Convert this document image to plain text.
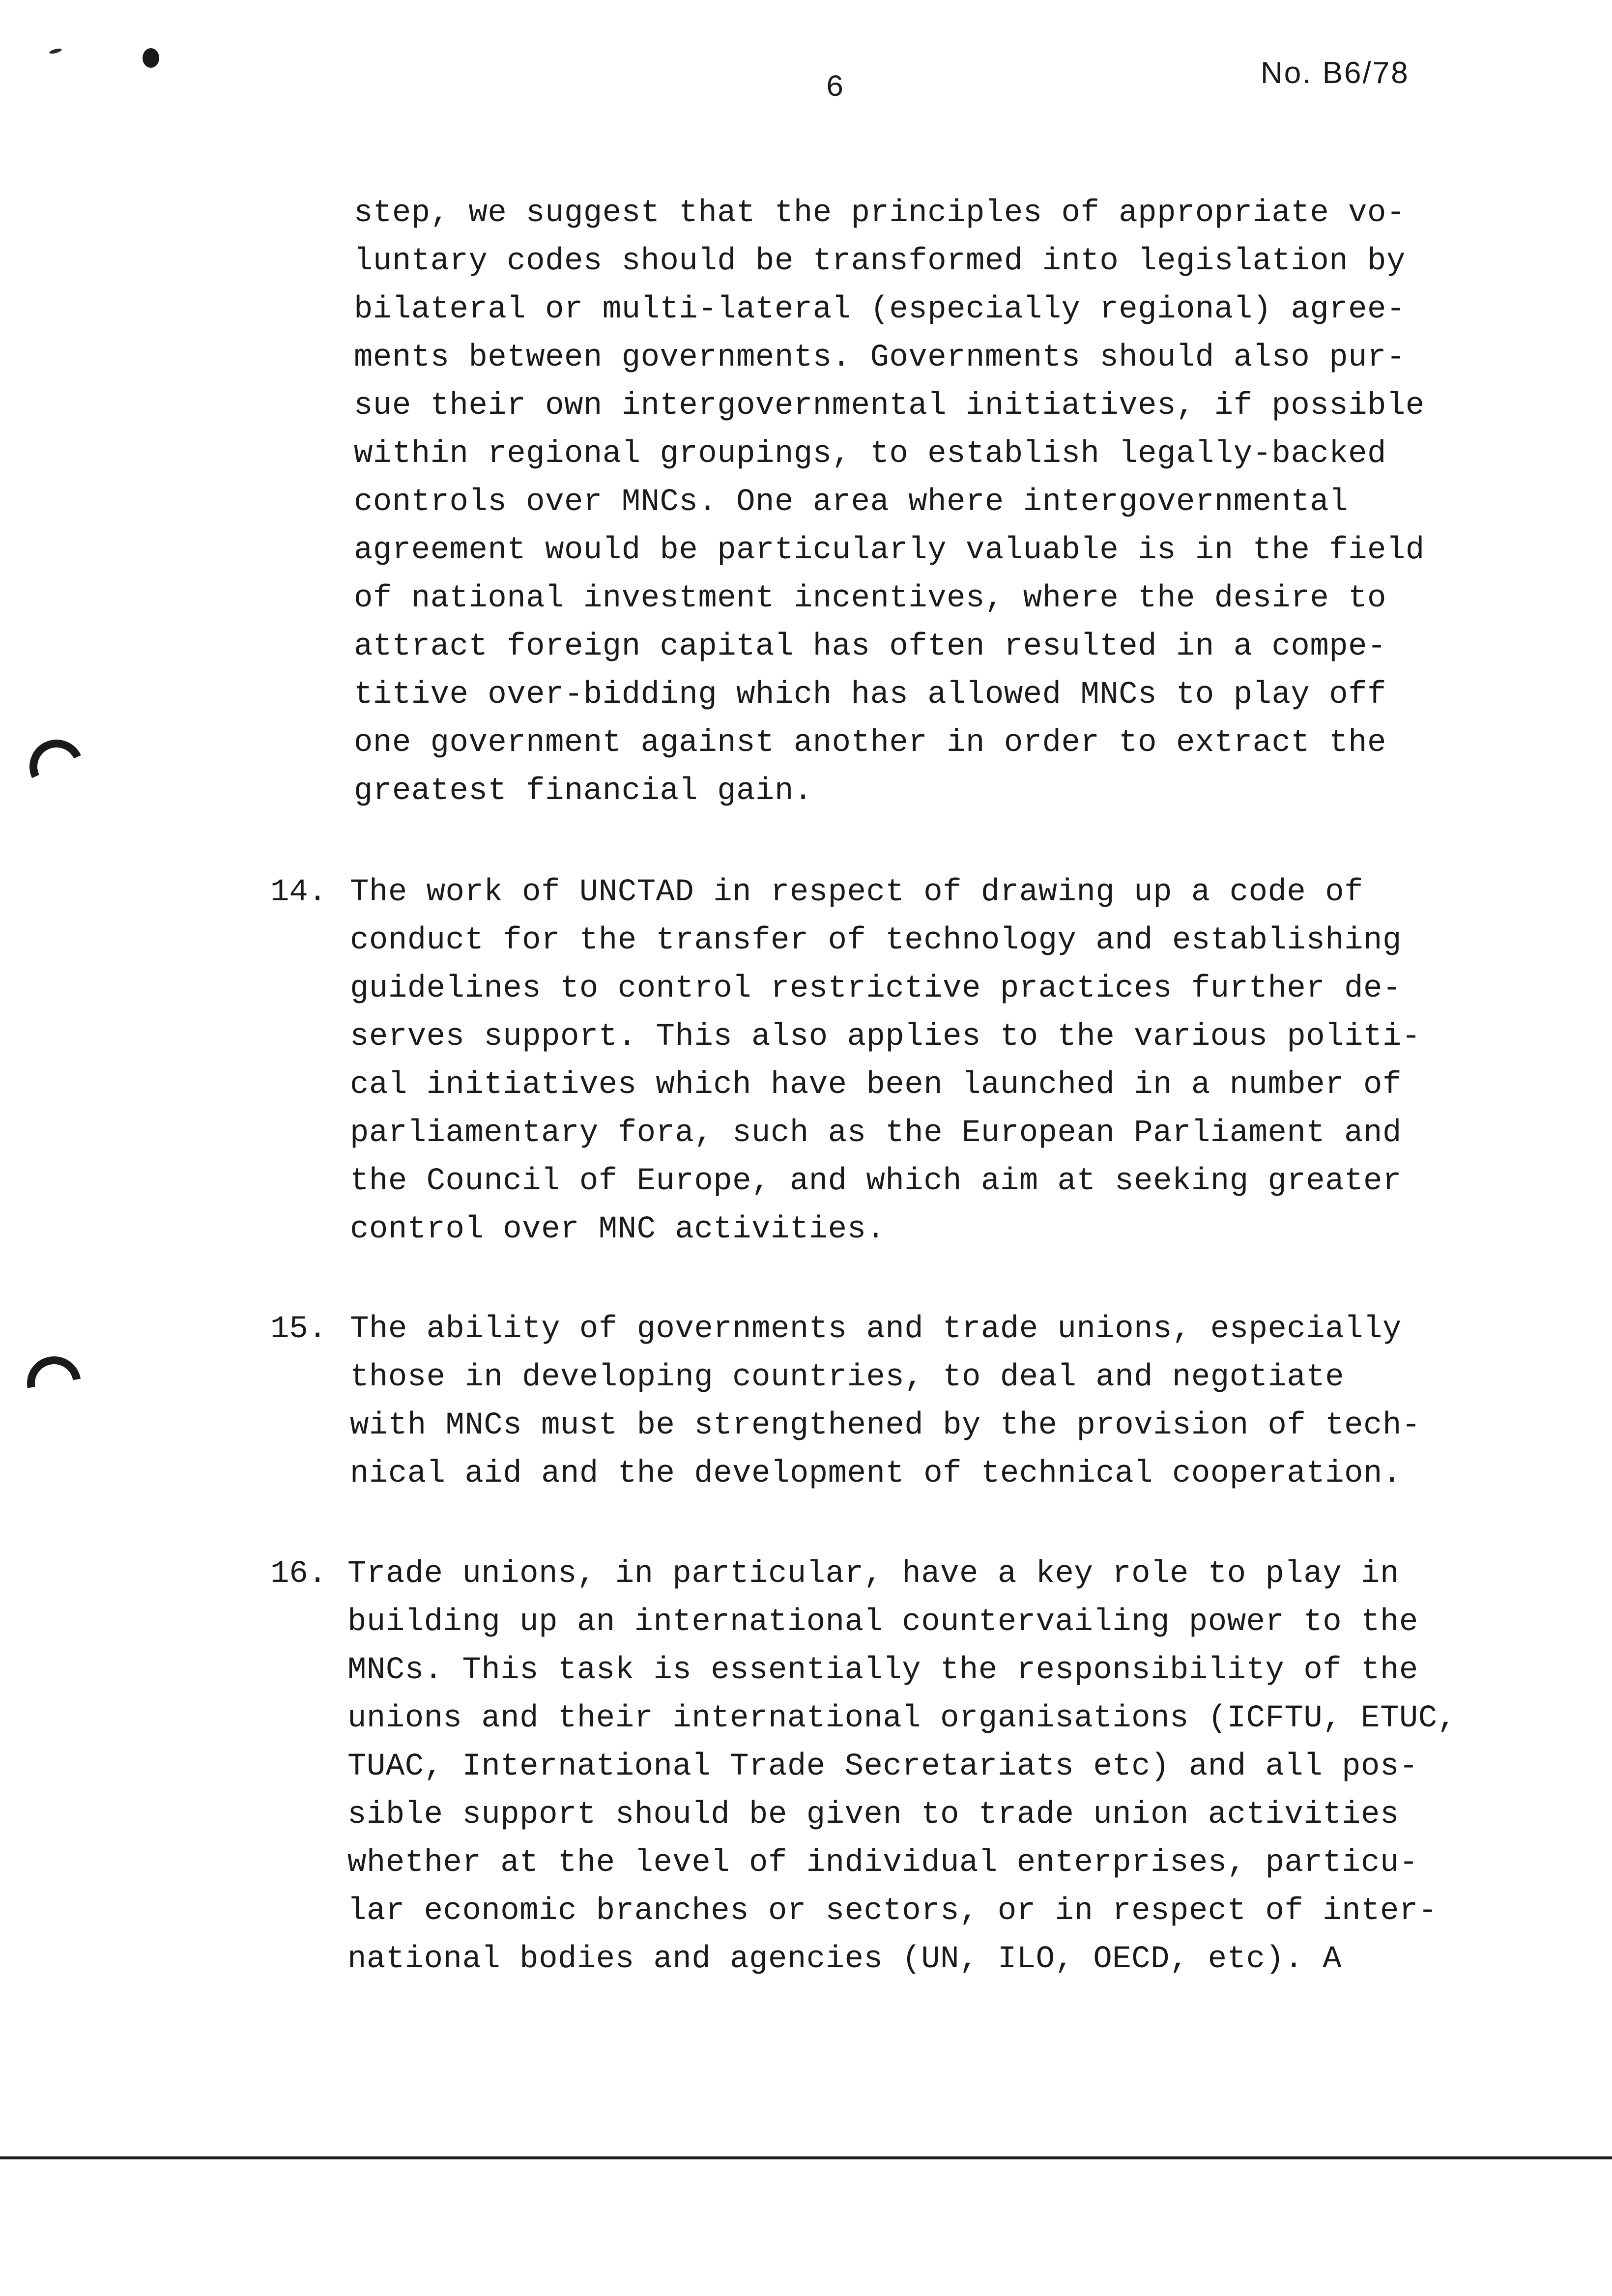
6	No. B6/78
step, we suggest that the principles of appropriate vo-
luntary codes should be transformed into legislation by
bilateral or multi-lateral (especially regional) agree-
ments between governments. Governments should also pur-
sue their own intergovernmental initiatives, if possible
within regional groupings, to establish legally-backed
controls over MNCs. One area where intergovernmental
agreement would be particularly valuable is in the field
of national investment incentives, where the desire to
attract foreign capital has often resulted in a compe-
titive over-bidding which has allowed MNCs to play off
one government against another in order to extract the
greatest financial gain.
14. The work of UNCTAD in respect of drawing up a code of
conduct for the transfer of technology and establishing
guidelines to control restrictive practices further de-
serves support. This also applies to the various politi-
cal initiatives which have been launched in a number of
parliamentary fora, such as the European Parliament and
the Council of Europe, and which aim at seeking greater
control over MNC activities.
15. The ability of governments and trade unions, especially
those in developing countries, to deal and negotiate
with MNCs must be strengthened by the provision of tech-
nical aid and the development of technical cooperation.
16. Trade unions, in particular, have a key role to play in
building up an international countervailing power to the
MNCs. This task is essentially the responsibility of the
unions and their international organisations (ICFTU, ETUC,
TUAC, International Trade Secretariats etc) and all pos-
sible support should be given to trade union activities
whether at the level of individual enterprises, particu-
lar economic branches or sectors, or in respect of inter-
national bodies and agencies (UN, ILO, OECD, etc). A
